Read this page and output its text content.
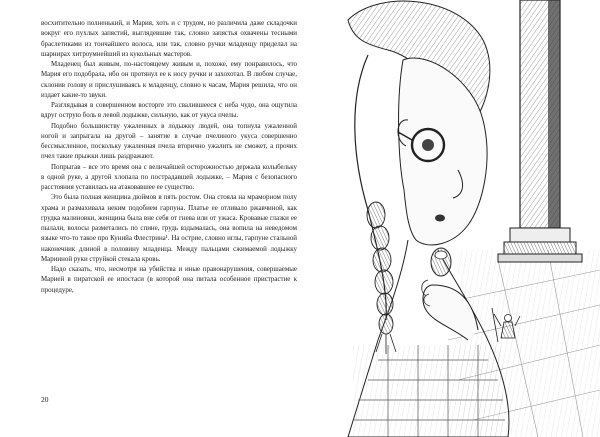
восхитительно полненький, и Мария, хоть и с трудом, но различила даже складочки вокруг его пухлых запястий, выглядевшие так, словно запястья охвачены тесными браслетиками из тончайшего волоса, или так, словно ручки младенцу приделал на шарнирах хитроумнейший из кукольных мастеров.

Младенец был живым, по-настоящему живым и, похоже, ему понравилось, что Мария его подобрала, ибо он протянул ее к носу ручки и захохотал. В любом случае, склонив голову и прислушиваясь к младенцу, словно к часам, Мария решила, что он издает какие-то звуки.

Разглядывая в совершенном восторге это свалившееся с неба чудо, она ощутила вдруг острую боль в левой лодыжке, сильную, как от укуса пчелы.

Подобно большинству ужаленных в лодыжку людей, она топнула ужаленной ногой и запрыгала на другой – занятие в случае пчелиного укуса совершенно бессмысленное, поскольку ужаленная пчела вторично ужалить не сможет, а прочих пчел такие прыжки лишь раздражают.

Попрыгав – все это время она с величайшей осторожностью держала колыбельку в одной руке, а другой хлопала по пострадавшей лодыжке, – Мария с безопасного расстояния уставилась на атаковавшее ее существо.

Это была полная женщина дюймов в пять ростом. Она стояла на мраморном полу храма и размахивала неким подобием гарпуна. Платье ее отливало ржавчиной, как грудка малиновки, женщина была вне себя от гнева или от ужаса. Кровавые глазки ее пылали, волосы разметались по спине, грудь вздымалась, она вопила на неведомом языке что-то такое про Кунийа Флестрина¹. На острие, словно иглы, гарпуне стальной наконечник длиной в половину младенца. Между пальцами сжимаемой лодыжку Марииной руки струйкой стекала кровь.

Надо сказать, что, несмотря на убийства и иные правонарушения, совершаемые Марией в пиратской ее ипостаси (в которой она питала особенное пристрастие к процедуре,

20
